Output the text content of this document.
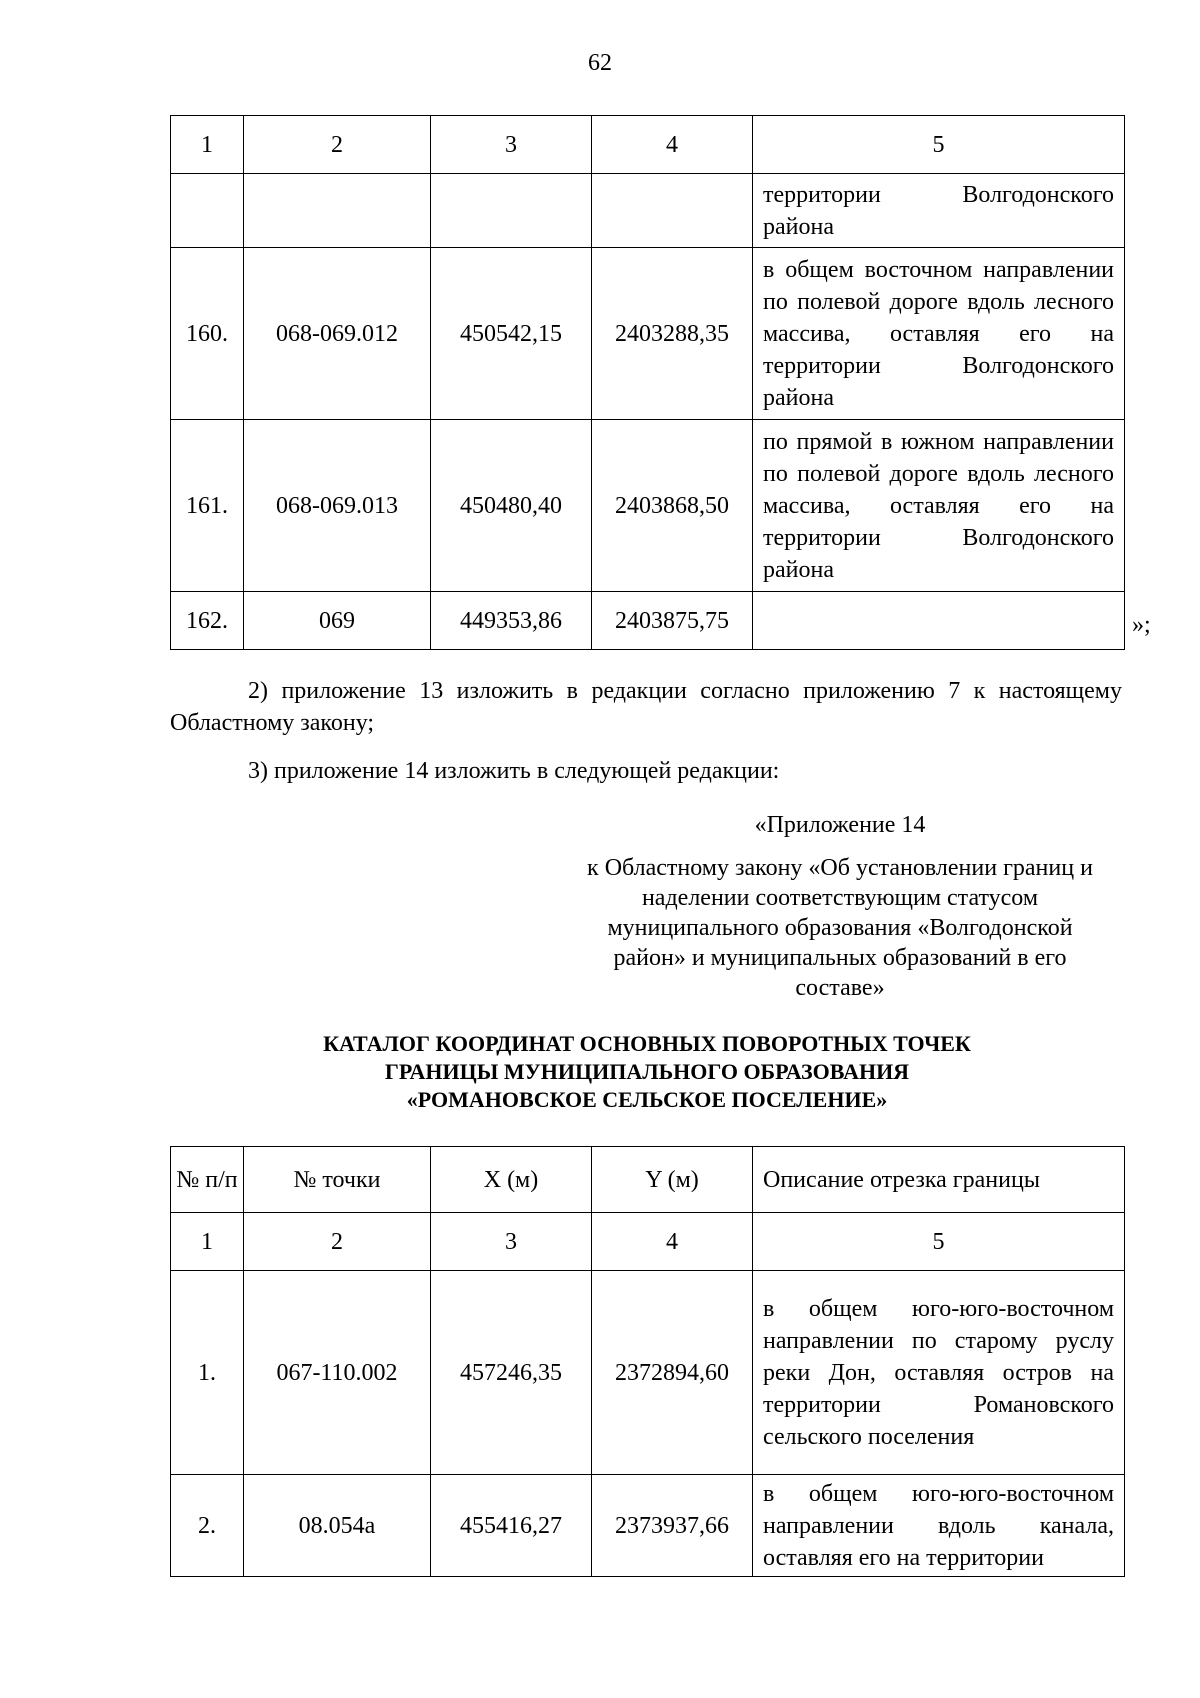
62
1	2	3	4	5
				территории Волгодонского района
160.	068-069.012	450542,15	2403288,35	в общем восточном направлении по полевой дороге вдоль лесного массива, оставляя его на территории Волгодонского района
161.	068-069.013	450480,40	2403868,50	по прямой в южном направлении по полевой дороге вдоль лесного массива, оставляя его на территории Волгодонского района
162.	069	449353,86	2403875,75		»;
2) приложение 13 изложить в редакции согласно приложению 7 к настоящему Областному закону;
3) приложение 14 изложить в следующей редакции:
«Приложение 14
к Областному закону «Об установлении границ и наделении соответствующим статусом муниципального образования «Волгодонской район» и муниципальных образований в его составе»
КАТАЛОГ КООРДИНАТ ОСНОВНЫХ ПОВОРОТНЫХ ТОЧЕК
ГРАНИЦЫ МУНИЦИПАЛЬНОГО ОБРАЗОВАНИЯ
«РОМАНОВСКОЕ СЕЛЬСКОЕ ПОСЕЛЕНИЕ»
№ п/п	№ точки	X (м)	Y (м)	Описание отрезка границы
1	2	3	4	5
1.	067-110.002	457246,35	2372894,60	в общем юго-юго-восточном направлении по старому руслу реки Дон, оставляя остров на территории Романовского сельского поселения
2.	08.054а	455416,27	2373937,66	в общем юго-юго-восточном направлении вдоль канала, оставляя его на территории
